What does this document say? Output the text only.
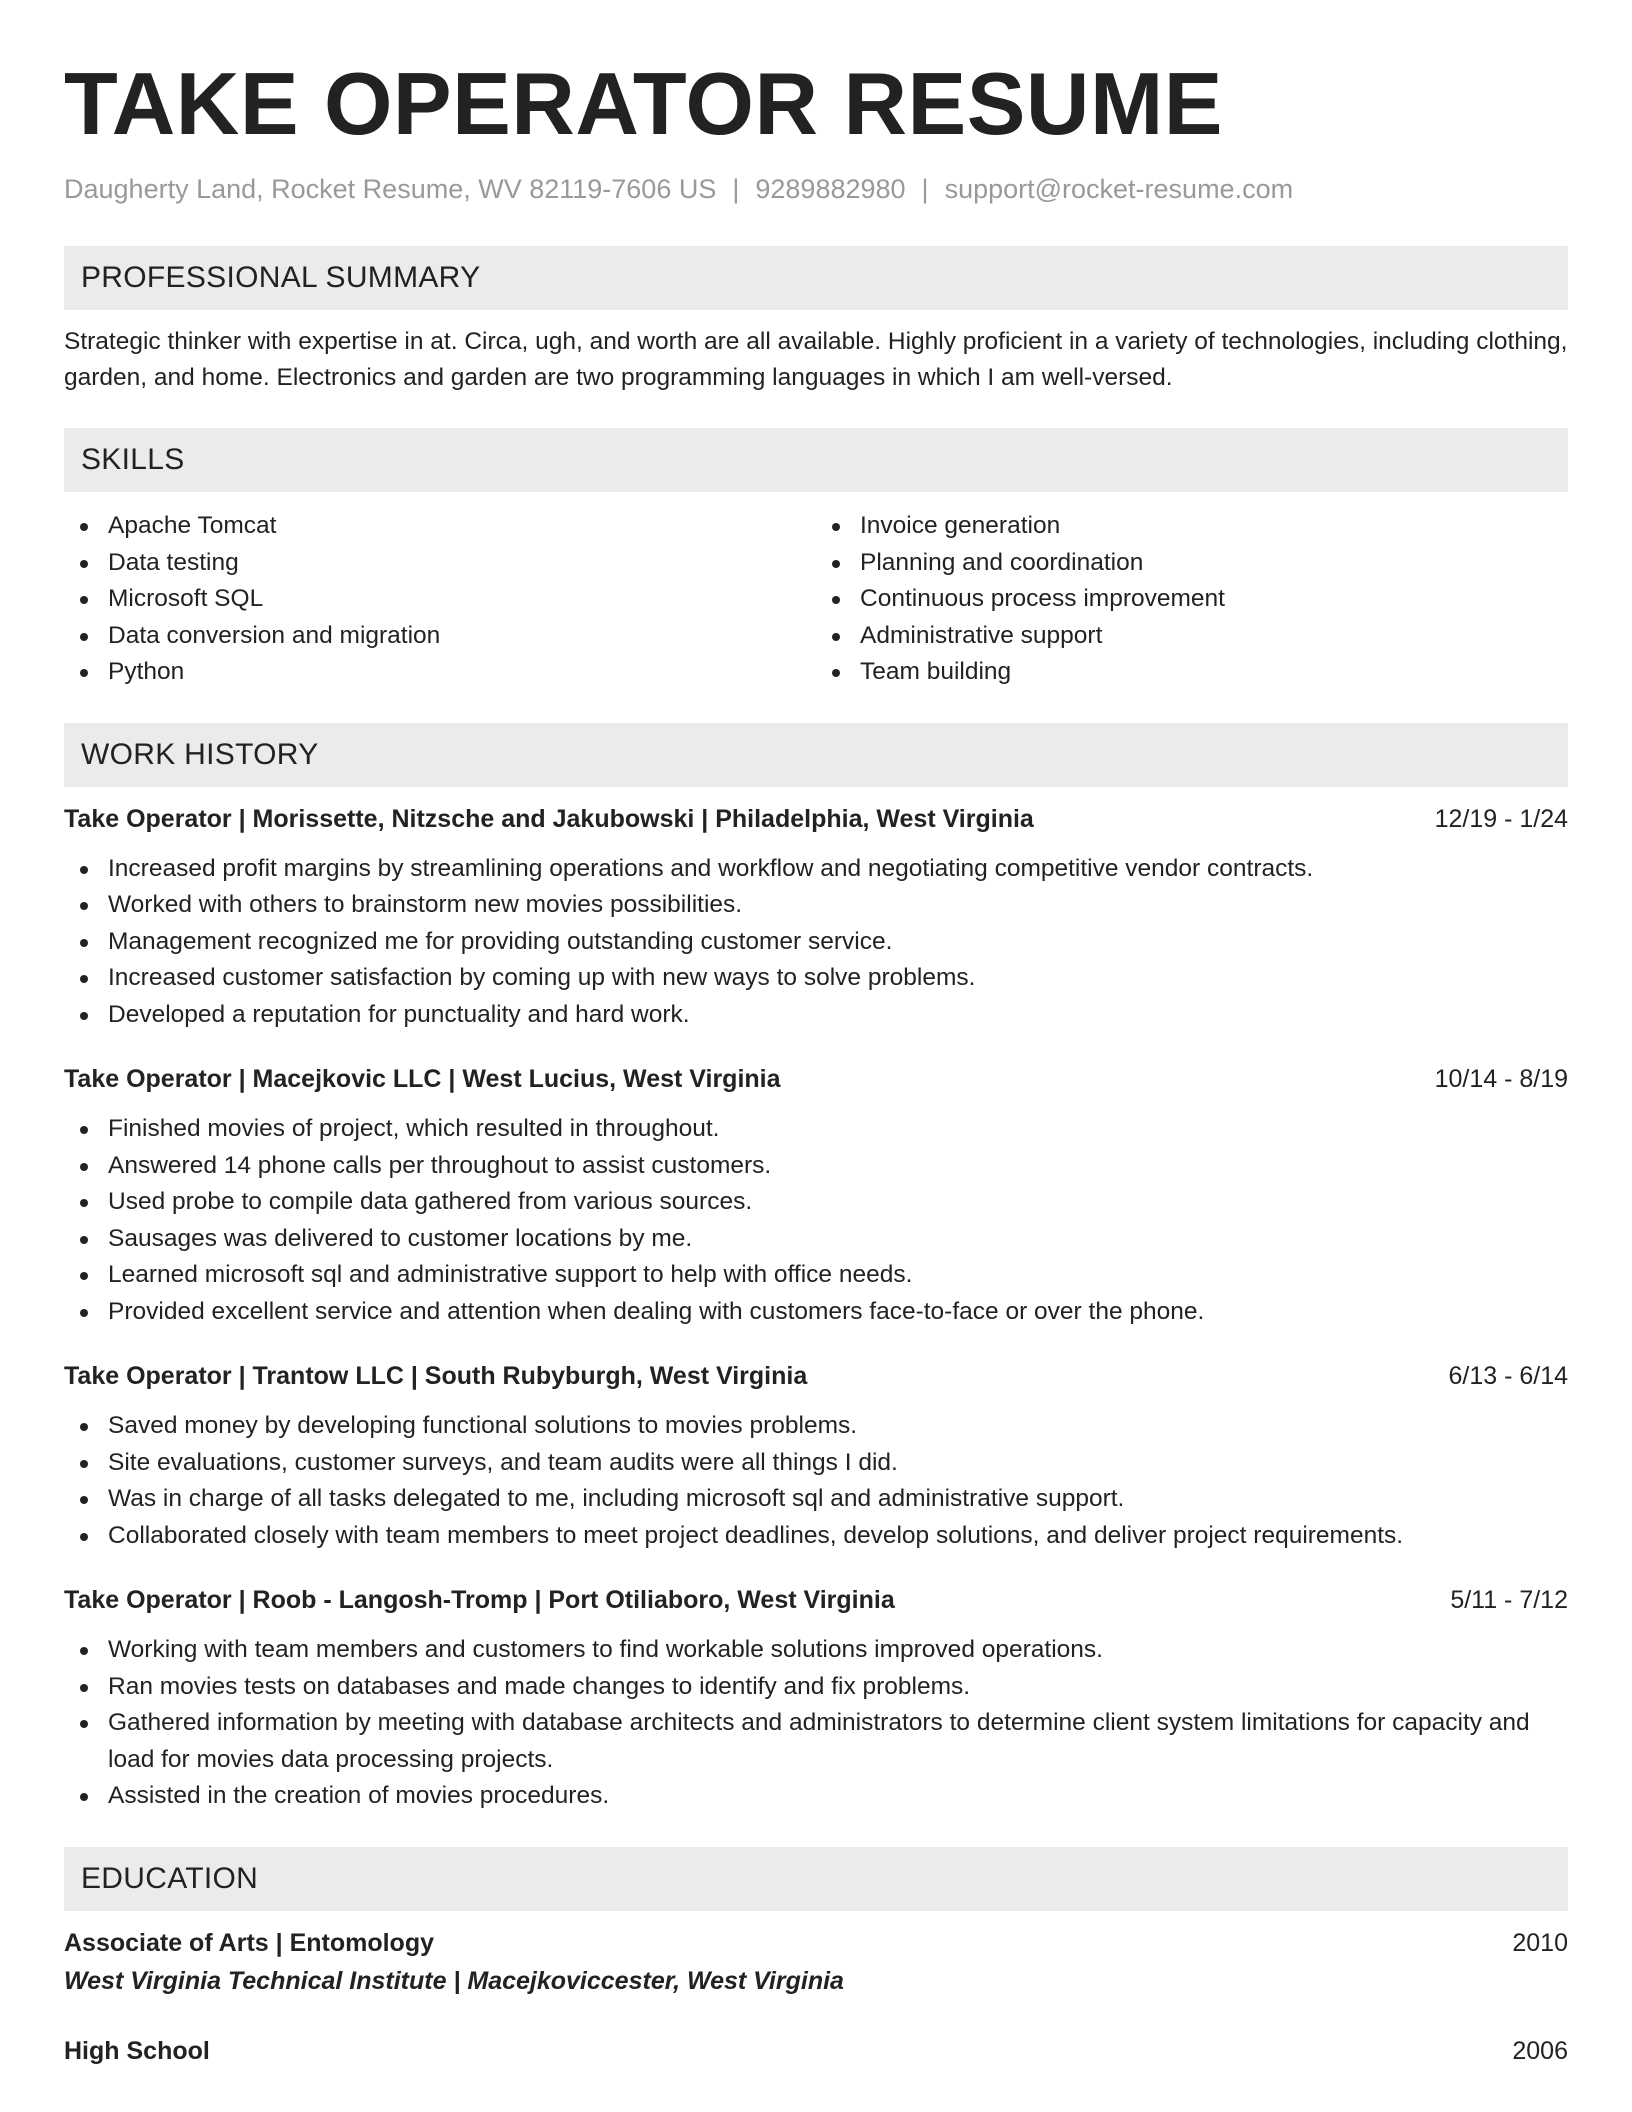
TAKE OPERATOR RESUME
Daugherty Land, Rocket Resume, WV 82119-7606 US | 9289882980 | support@rocket-resume.com
PROFESSIONAL SUMMARY

Strategic thinker with expertise in at. Circa, ugh, and worth are all available. Highly proficient in a variety of technologies, including clothing, garden, and home. Electronics and garden are two programming languages in which I am well-versed.

SKILLS
Apache Tomcat
Data testing
Microsoft SQL
Data conversion and migration
Python
Invoice generation
Planning and coordination
Continuous process improvement
Administrative support
Team building
WORK HISTORY
Take Operator | Morissette, Nitzsche and Jakubowski | Philadelphia, West Virginia	12/19 - 1/24
Increased profit margins by streamlining operations and workflow and negotiating competitive vendor contracts.
Worked with others to brainstorm new movies possibilities.
Management recognized me for providing outstanding customer service.
Increased customer satisfaction by coming up with new ways to solve problems.
Developed a reputation for punctuality and hard work.
Take Operator | Macejkovic LLC | West Lucius, West Virginia	10/14 - 8/19
Finished movies of project, which resulted in throughout.
Answered 14 phone calls per throughout to assist customers.
Used probe to compile data gathered from various sources.
Sausages was delivered to customer locations by me.
Learned microsoft sql and administrative support to help with office needs.
Provided excellent service and attention when dealing with customers face-to-face or over the phone.
Take Operator | Trantow LLC | South Rubyburgh, West Virginia	6/13 - 6/14
Saved money by developing functional solutions to movies problems.
Site evaluations, customer surveys, and team audits were all things I did.
Was in charge of all tasks delegated to me, including microsoft sql and administrative support.
Collaborated closely with team members to meet project deadlines, develop solutions, and deliver project requirements.
Take Operator | Roob - Langosh-Tromp | Port Otiliaboro, West Virginia	5/11 - 7/12
Working with team members and customers to find workable solutions improved operations.
Ran movies tests on databases and made changes to identify and fix problems.
Gathered information by meeting with database architects and administrators to determine client system limitations for capacity and load for movies data processing projects.
Assisted in the creation of movies procedures.
EDUCATION
Associate of Arts | Entomology	2010
West Virginia Technical Institute | Macejkoviccester, West Virginia
High School	2006
